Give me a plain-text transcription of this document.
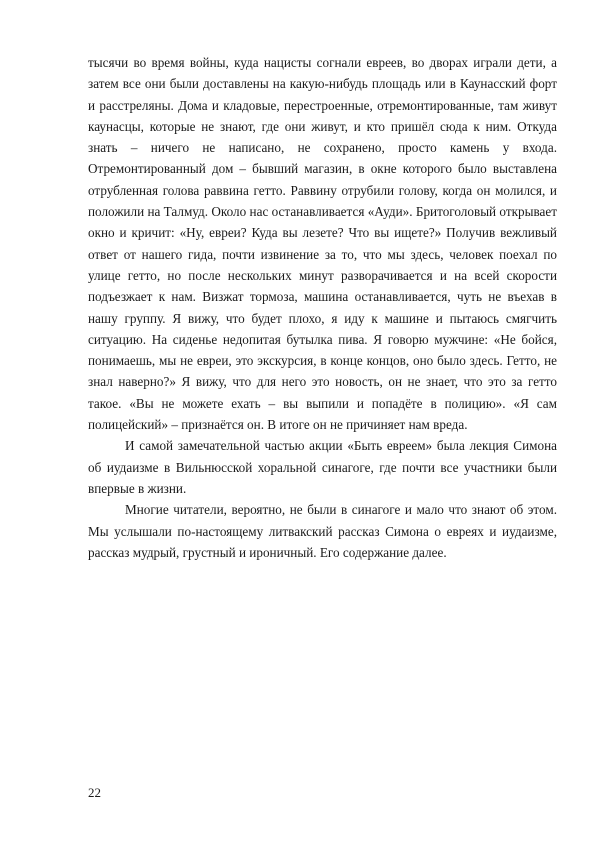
тысячи во время войны, куда нацисты согнали евреев, во дворах играли дети, а затем все они были доставлены на какую-нибудь площадь или в Каунасский форт и расстреляны. Дома и кладовые, перестроенные, отремонтированные, там живут каунасцы, которые не знают, где они живут, и кто пришёл сюда к ним. Откуда знать – ничего не написано, не сохранено, просто камень у входа. Отремонтированный дом – бывший магазин, в окне которого было выставлена отрубленная голова раввина гетто. Раввину отрубили голову, когда он молился, и положили на Талмуд. Около нас останавливается «Ауди». Бритоголовый открывает окно и кричит: «Ну, евреи? Куда вы лезете? Что вы ищете?» Получив вежливый ответ от нашего гида, почти извинение за то, что мы здесь, человек поехал по улице гетто, но после нескольких минут разворачивается и на всей скорости подъезжает к нам. Визжат тормоза, машина останавливается, чуть не въехав в нашу группу. Я вижу, что будет плохо, я иду к машине и пытаюсь смягчить ситуацию. На сиденье недопитая бутылка пива. Я говорю мужчине: «Не бойся, понимаешь, мы не евреи, это экскурсия, в конце концов, оно было здесь. Гетто, не знал наверно?» Я вижу, что для него это новость, он не знает, что это за гетто такое. «Вы не можете ехать – вы выпили и попадёте в полицию». «Я сам полицейский» – признаётся он. В итоге он не причиняет нам вреда.

И самой замечательной частью акции «Быть евреем» была лекция Симона об иудаизме в Вильнюсской хоральной синагоге, где почти все участники были впервые в жизни.

Многие читатели, вероятно, не были в синагоге и мало что знают об этом. Мы услышали по-настоящему литвакский рассказ Симона о евреях и иудаизме, рассказ мудрый, грустный и ироничный. Его содержание далее.

22
